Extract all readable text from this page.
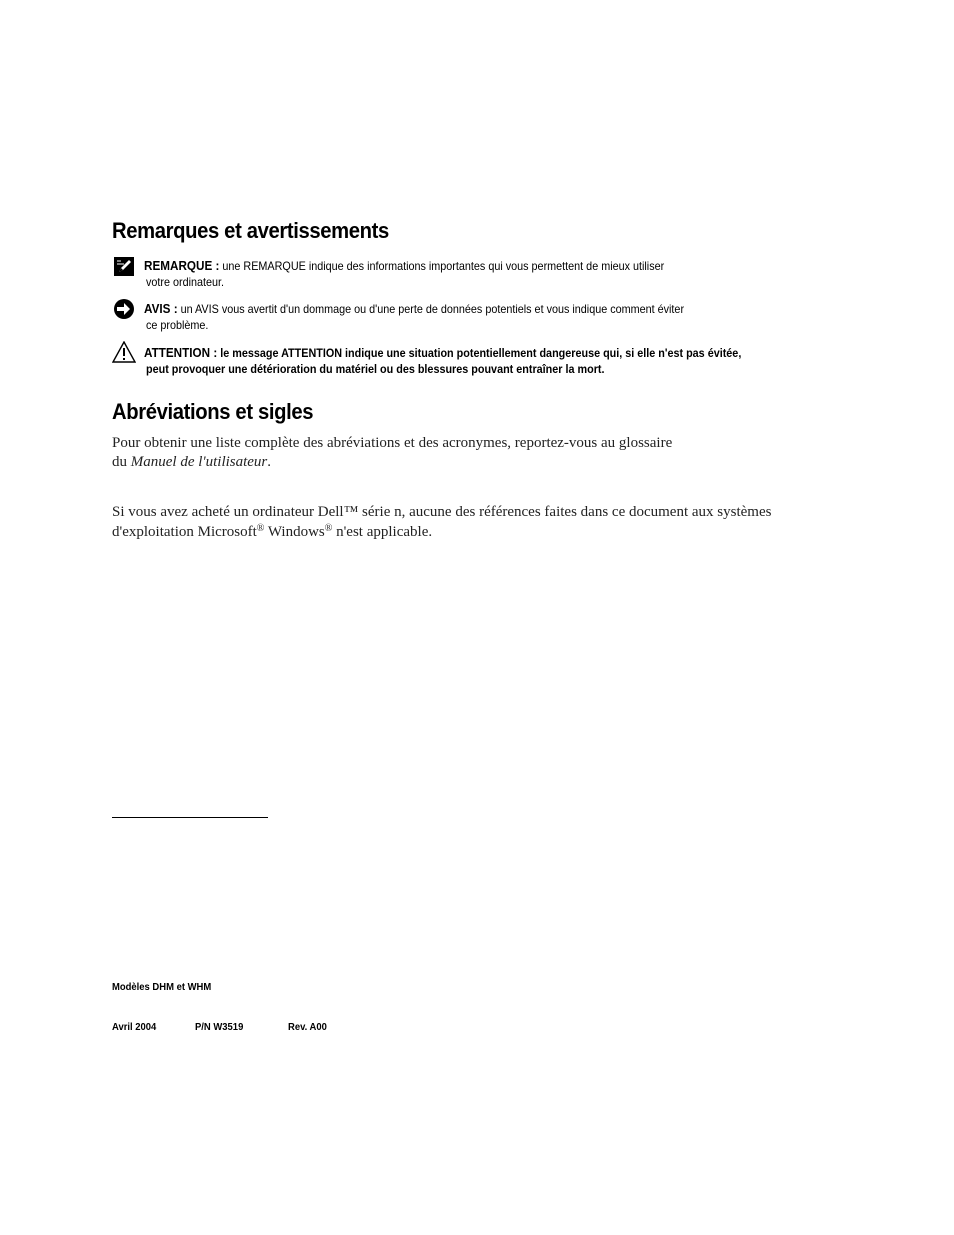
Remarques et avertissements
REMARQUE : une REMARQUE indique des informations importantes qui vous permettent de mieux utiliser
votre ordinateur.
AVIS : un AVIS vous avertit d'un dommage ou d'une perte de données potentiels et vous indique comment éviter
ce problème.
ATTENTION : le message ATTENTION indique une situation potentiellement dangereuse qui, si elle n'est pas évitée,
peut provoquer une détérioration du matériel ou des blessures pouvant entraîner la mort.
Abréviations et sigles
Pour obtenir une liste complète des abréviations et des acronymes, reportez-vous au glossaire
du Manuel de l'utilisateur.
Si vous avez acheté un ordinateur Dell™ série n, aucune des références faites dans ce document aux systèmes
d'exploitation Microsoft® Windows® n'est applicable.
Modèles DHM et WHM
Avril 2004	P/N W3519	Rev. A00
